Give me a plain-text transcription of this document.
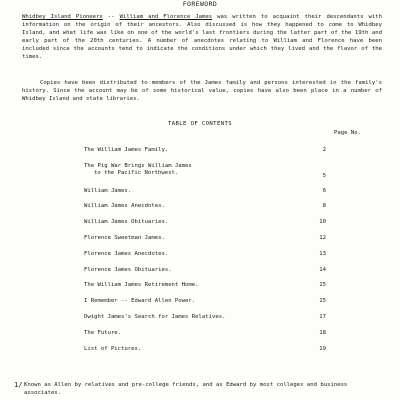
FOREWORD

Whidbey Island Pioneers -- William and Florence James was written to acquaint their descendants with information on the origin of their ancestors. Also discussed is how they happened to come to Whidbey Island, and what life was like on one of the world's last frontiers during the latter part of the 19th and early part of the 20th centuries. A number of anecdotes relating to William and Florence have been included since the accounts tend to indicate the conditions under which they lived and the flavor of the times.

Copies have been distributed to members of the James family and persons interested in the family's history. Since the account may be of some historical value, copies have also been place in a number of Whidbey Island and state libraries.

TABLE OF CONTENTS
Page No.
The William James Family.	2
The Pig War Brings William James
to the Pacific Northwest.	5
William James.	6
William James Anecdotes.	8
William James Obituaries.	10
Florence Sweetman James.	12
Florence James Anecdotes.	13
Florence James Obituaries.	14
The William James Retirement Home.	15
I Remember -- Edward Allen Power.	15
Dwight James's Search for James Relatives.	17
The Future.	18
List of Pictures.	19
1/ Known as Allen by relatives and pre-college friends, and as Edward by most colleges and business associates.
